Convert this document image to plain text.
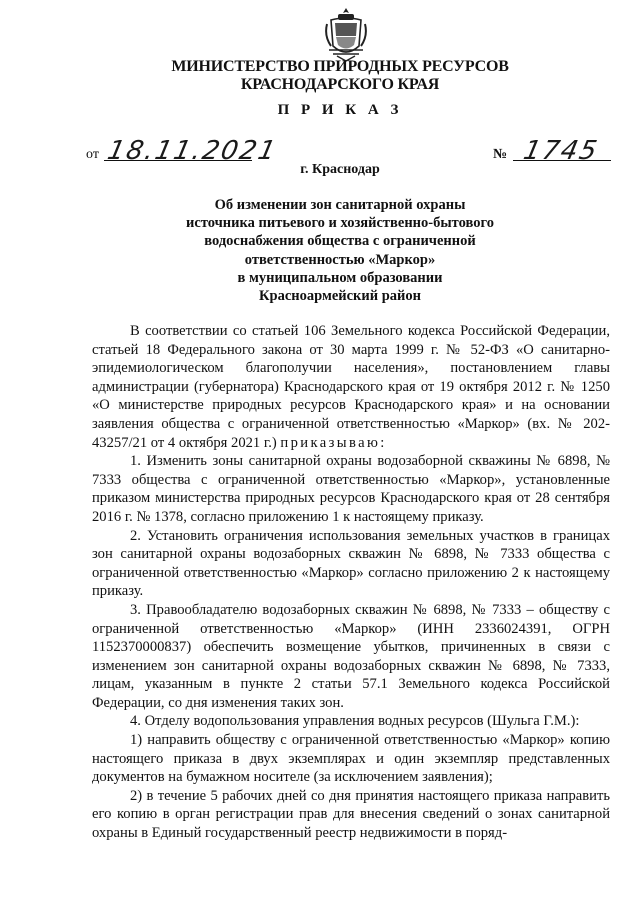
МИНИСТЕРСТВО ПРИРОДНЫХ РЕСУРСОВ
КРАСНОДАРСКОГО КРАЯ
П Р И К А З
от 18.11.2021	№ 1745
г. Краснодар
Об изменении зон санитарной охраны
источника питьевого и хозяйственно-бытового
водоснабжения общества с ограниченной
ответственностью «Маркор»
в муниципальном образовании
Красноармейский район

В соответствии со статьей 106 Земельного кодекса Российской Федерации, статьей 18 Федерального закона от 30 марта 1999 г. № 52-ФЗ «О санитарно-эпидемиологическом благополучии населения», постановлением главы администрации (губернатора) Краснодарского края от 19 октября 2012 г. № 1250 «О министерстве природных ресурсов Краснодарского края» и на основании заявления общества с ограниченной ответственностью «Маркор» (вх. № 202-43257/21 от 4 октября 2021 г.) приказываю:

1. Изменить зоны санитарной охраны водозаборной скважины № 6898, № 7333 общества с ограниченной ответственностью «Маркор», установленные приказом министерства природных ресурсов Краснодарского края от 28 сентября 2016 г. № 1378, согласно приложению 1 к настоящему приказу.

2. Установить ограничения использования земельных участков в границах зон санитарной охраны водозаборных скважин № 6898, № 7333 общества с ограниченной ответственностью «Маркор» согласно приложению 2 к настоящему приказу.

3. Правообладателю водозаборных скважин № 6898, № 7333 – обществу с ограниченной ответственностью «Маркор» (ИНН 2336024391, ОГРН 1152370000837) обеспечить возмещение убытков, причиненных в связи с изменением зон санитарной охраны водозаборных скважин № 6898, № 7333, лицам, указанным в пункте 2 статьи 57.1 Земельного кодекса Российской Федерации, со дня изменения таких зон.

4. Отделу водопользования управления водных ресурсов (Шульга Г.М.):

1) направить обществу с ограниченной ответственностью «Маркор» копию настоящего приказа в двух экземплярах и один экземпляр представленных документов на бумажном носителе (за исключением заявления);

2) в течение 5 рабочих дней со дня принятия настоящего приказа направить его копию в орган регистрации прав для внесения сведений о зонах санитарной охраны в Единый государственный реестр недвижимости в поряд-
